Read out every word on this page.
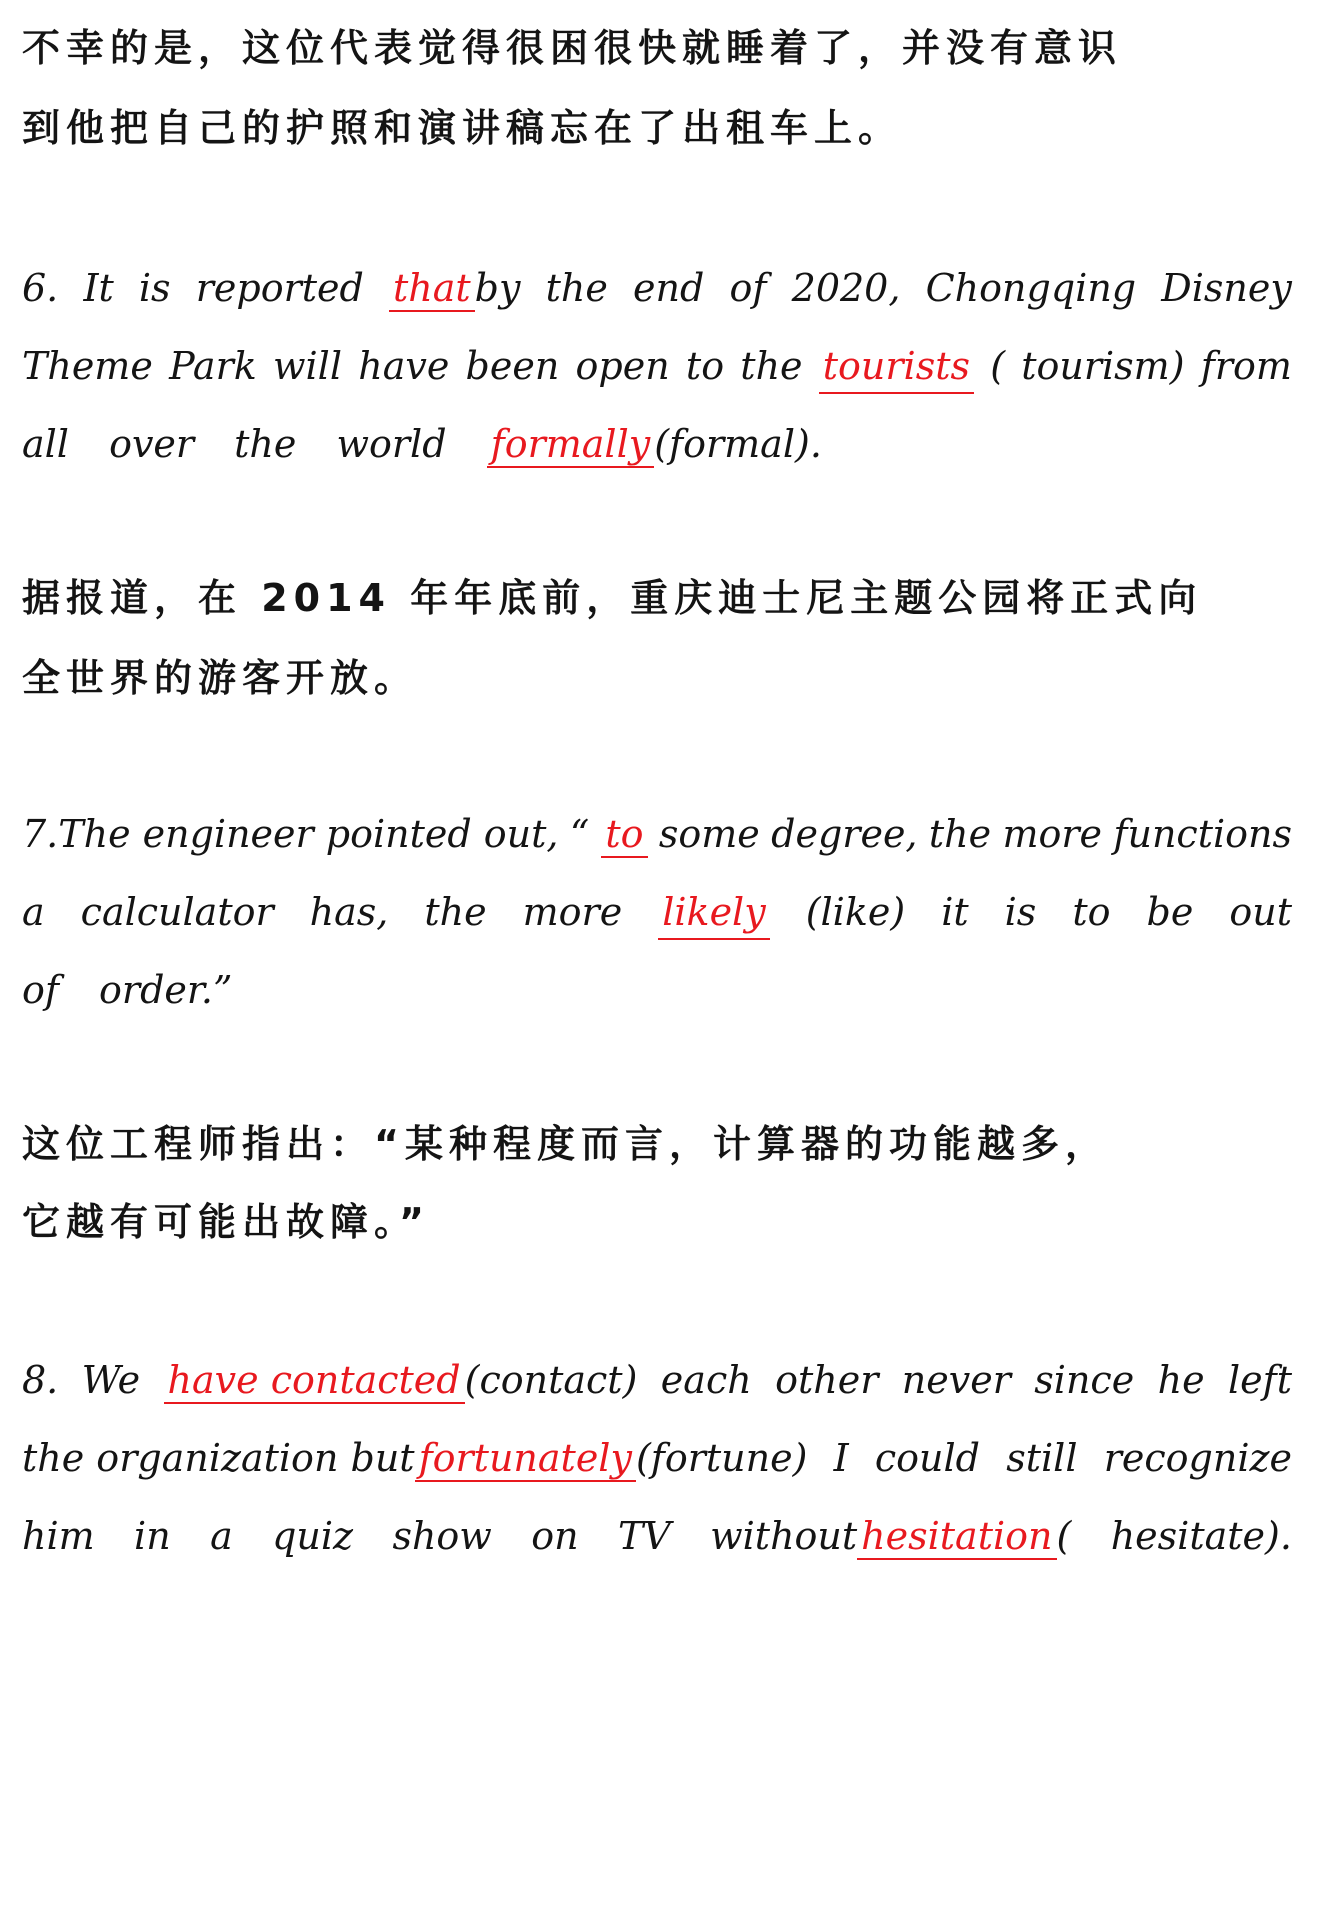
不幸的是，这位代表觉得很困很快就睡着了，并没有意识
到他把自己的护照和演讲稿忘在了出租车上。
6. It is reported that by the end of 2020, Chongqing Disney
Theme Park will have been open to the tourists ( tourism) from
all over the world formally (formal).
据报道，在 2014 年年底前，重庆迪士尼主题公园将正式向
全世界的游客开放。
7.The engineer pointed out, “ to some degree, the more functions
a calculator has, the more likely (like) it is to be out
of order.”
这位工程师指出：“某种程度而言，计算器的功能越多，
它越有可能出故障。”
8. We have contacted (contact) each other never since he left
the organization but fortunately (fortune) I could still recognize
him in a quiz show on TV without hesitation ( hesitate).
